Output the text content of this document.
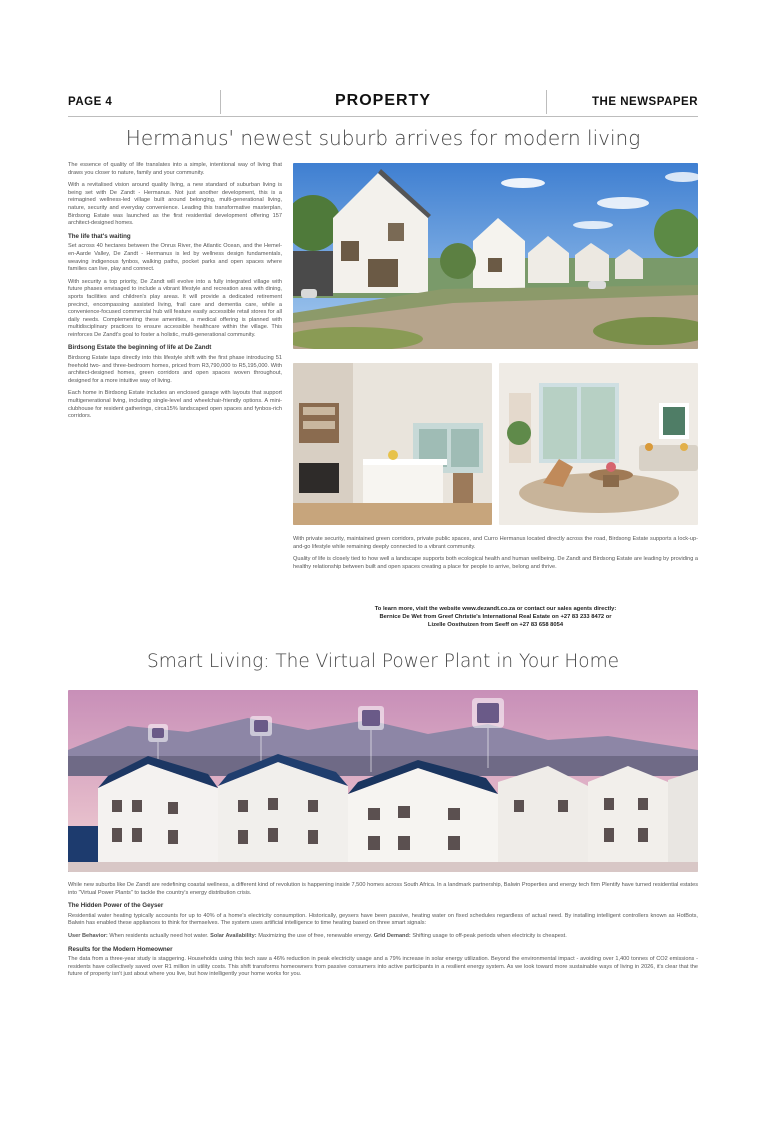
PAGE 4	PROPERTY	THE NEWSPAPER
Hermanus' newest suburb arrives for modern living

The essence of quality of life translates into a simple, intentional way of living that draws you closer to nature, family and your community.

With a revitalised vision around quality living, a new standard of suburban living is being set with De Zandt - Hermanus. Not just another development, this is a reimagined wellness-led village built around belonging, multi-generational living, nature, security and everyday convenience. Leading this transformative masterplan, Birdsong Estate was launched as the first residential development offering 157 architect-designed homes.

The life that's waiting

Set across 40 hectares between the Onrus River, the Atlantic Ocean, and the Hemel-en-Aarde Valley, De Zandt - Hermanus is led by wellness design fundamentals, weaving indigenous fynbos, walking paths, pocket parks and open spaces where families can live, play and connect.

With security a top priority, De Zandt will evolve into a fully integrated village with future phases envisaged to include a vibrant lifestyle and recreation area with dining, sports facilities and children's play areas. It will provide a dedicated retirement precinct, encompassing assisted living, frail care and dementia care, while a convenience-focused commercial hub will feature easily accessible retail stores for all daily needs. Complementing these amenities, a medical offering is planned with multidisciplinary practices to ensure accessible healthcare within the village. This reinforces De Zandt's goal to foster a holistic, multi-generational community.

Birdsong Estate the beginning of life at De Zandt

Birdsong Estate taps directly into this lifestyle shift with the first phase introducing 51 freehold two- and three-bedroom homes, priced from R3,790,000 to R5,195,000. With architect-designed homes, green corridors and open spaces woven throughout, designed for a more intuitive way of living.

Each home in Birdsong Estate includes an enclosed garage with layouts that support multigenerational living, including single-level and wheelchair-friendly options. A mini-clubhouse for resident gatherings, circa15% landscaped open spaces and fynbos-rich corridors.

With private security, maintained green corridors, private public spaces, and Curro Hermanus located directly across the road, Birdsong Estate supports a lock-up-and-go lifestyle while remaining deeply connected to a vibrant community.

Quality of life is closely tied to how well a landscape supports both ecological health and human wellbeing. De Zandt and Birdsong Estate are leading by providing a healthy relationship between built and open spaces creating a place for people to arrive, belong and thrive.

To learn more, visit the website www.dezandt.co.za or contact our sales agents directly:
Bernice De Wet from Greef Christie's International Real Estate on +27 83 233 8472 or
Lizelle Oosthuizen from Seeff on +27 83 658 8054
Smart Living: The Virtual Power Plant in Your Home

While new suburbs like De Zandt are redefining coastal wellness, a different kind of revolution is happening inside 7,500 homes across South Africa. In a landmark partnership, Balwin Properties and energy tech firm Plentify have turned residential estates into "Virtual Power Plants" to tackle the country's energy distribution crisis.

The Hidden Power of the Geyser

Residential water heating typically accounts for up to 40% of a home's electricity consumption. Historically, geysers have been passive, heating water on fixed schedules regardless of actual need. By installing intelligent controllers known as HotBots, Balwin has enabled these appliances to think for themselves. The system uses artificial intelligence to time heating based on three smart signals:

User Behavior: When residents actually need hot water. Solar Availability: Maximizing the use of free, renewable energy. Grid Demand: Shifting usage to off-peak periods when electricity is cheapest.

Results for the Modern Homeowner

The data from a three-year study is staggering. Households using this tech saw a 46% reduction in peak electricity usage and a 79% increase in solar energy utilization. Beyond the environmental impact - avoiding over 1,400 tonnes of CO2 emissions - residents have collectively saved over R1 million in utility costs. This shift transforms homeowners from passive consumers into active participants in a resilient energy system. As we look toward more sustainable ways of living in 2026, it's clear that the future of property isn't just about where you live, but how intelligently your home works for you.
